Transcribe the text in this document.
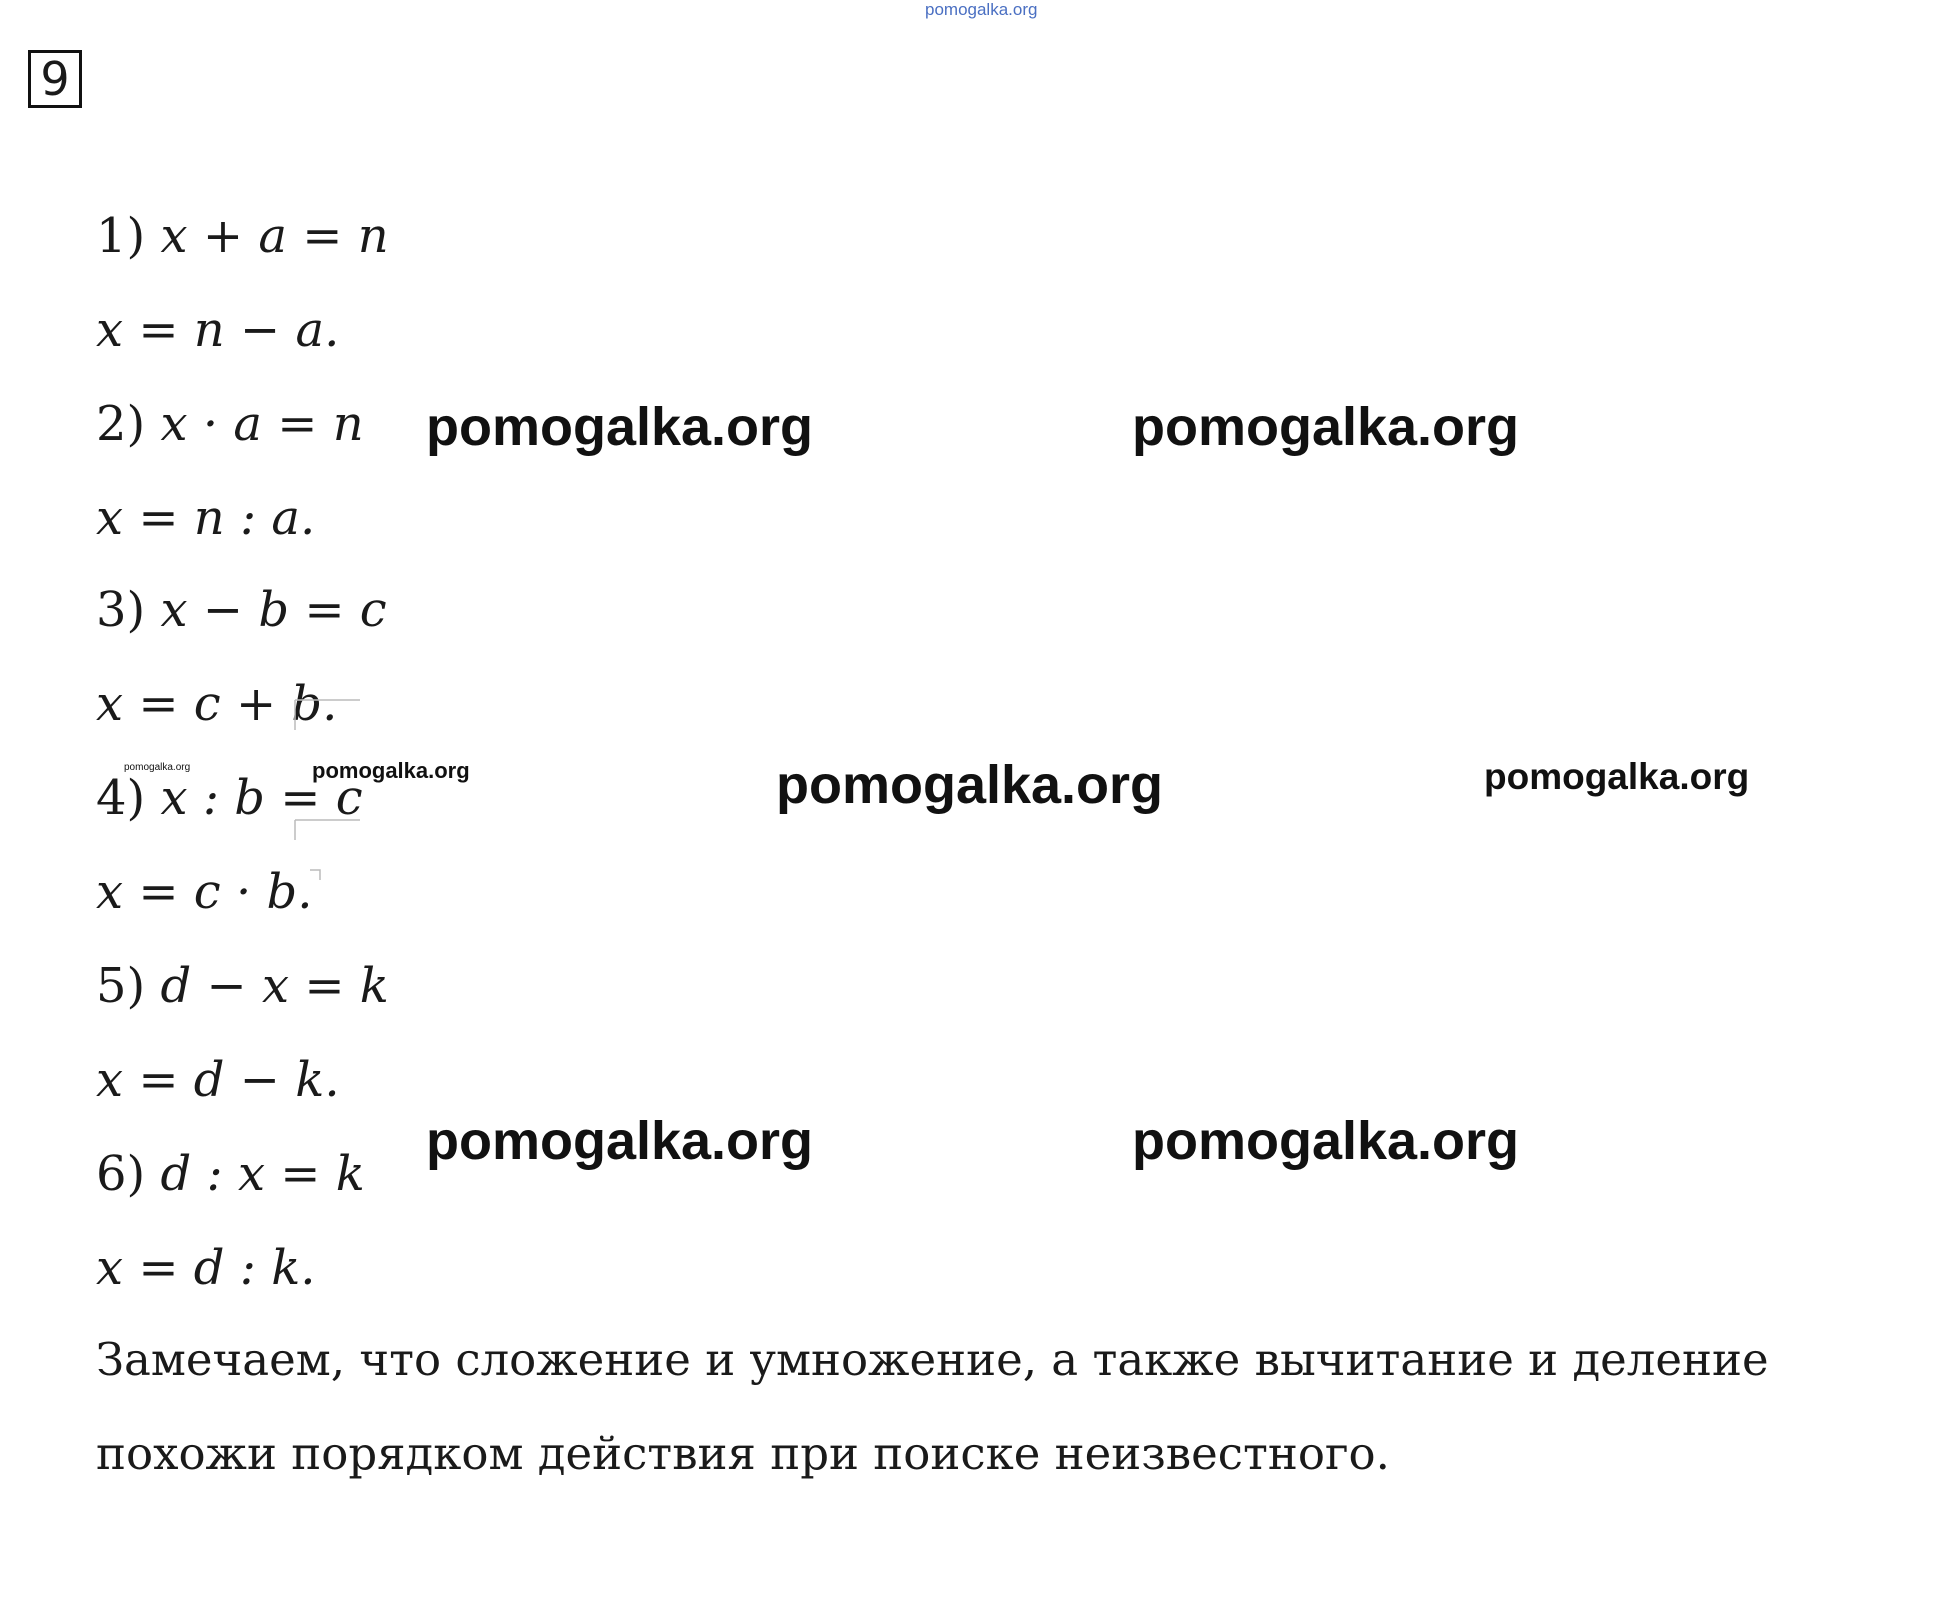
pomogalka.org
9
1) x + a = n
x = n − a.
2) x · a = n
x = n : a.
3) x − b = c
x = c + b.
4) x : b = c
x = c · b.
5) d − x = k
x = d − k.
6) d : x = k
x = d : k.
Замечаем, что сложение и умножение, а также вычитание и деление
похожи порядком действия при поиске неизвестного.
pomogalka.org	pomogalka.org
pomogalka.org	pomogalka.org	pomogalka.org	pomogalka.org
pomogalka.org	pomogalka.org
